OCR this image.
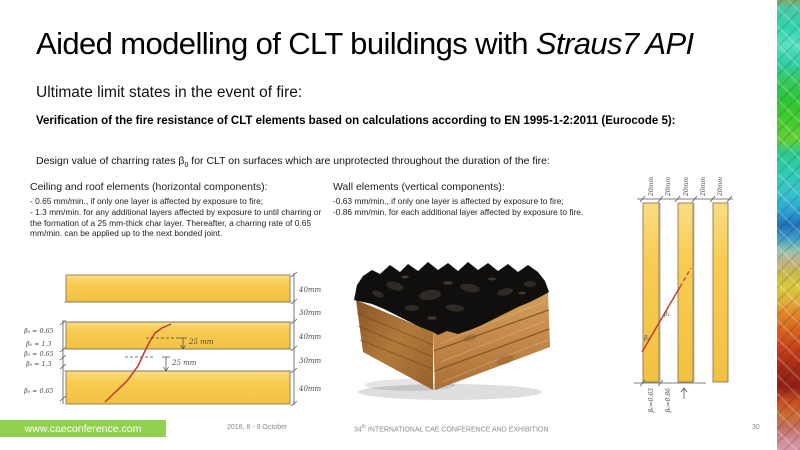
Aided modelling of CLT buildings with Straus7 API
Ultimate limit states in the event of fire:
Verification of the fire resistance of CLT elements based on calculations according to EN 1995-1-2:2011 (Eurocode 5):
Design value of charring rates $\beta_0$ for CLT on surfaces which are unprotected throughout the duration of the fire:
Ceiling and roof elements (horizontal components):

- 0.65 mm/min., if only one layer is affected by exposure to fire;

- 1.3 mm/min. for any additional layers affected by exposure to until charring or the formation of a 25 mm-thick char layer. Thereafter, a charring rate of 0.65 mm/min. can be applied up to the next bonded joint.

Wall elements (vertical components):

-0.63 mm/min., if only one layer is affected by exposure to fire;

-0.86 mm/min. for each additional layer affected by exposure to fire.

40mm
30mm
40mm
30mm
40mm
β₀ = 0.65
β₀ = 1.3
β₀ = 0.65
β₀ = 1.3
β₀ = 0.65
25 mm
25 mm
20mm 20mm 20mm 20mm 20mm
β₁
β₀
β₀=0.63 β₀=0.86
www.caeconference.com	2018, 8 - 9 October	34th INTERNATIONAL CAE CONFERENCE AND EXHIBITION	30
